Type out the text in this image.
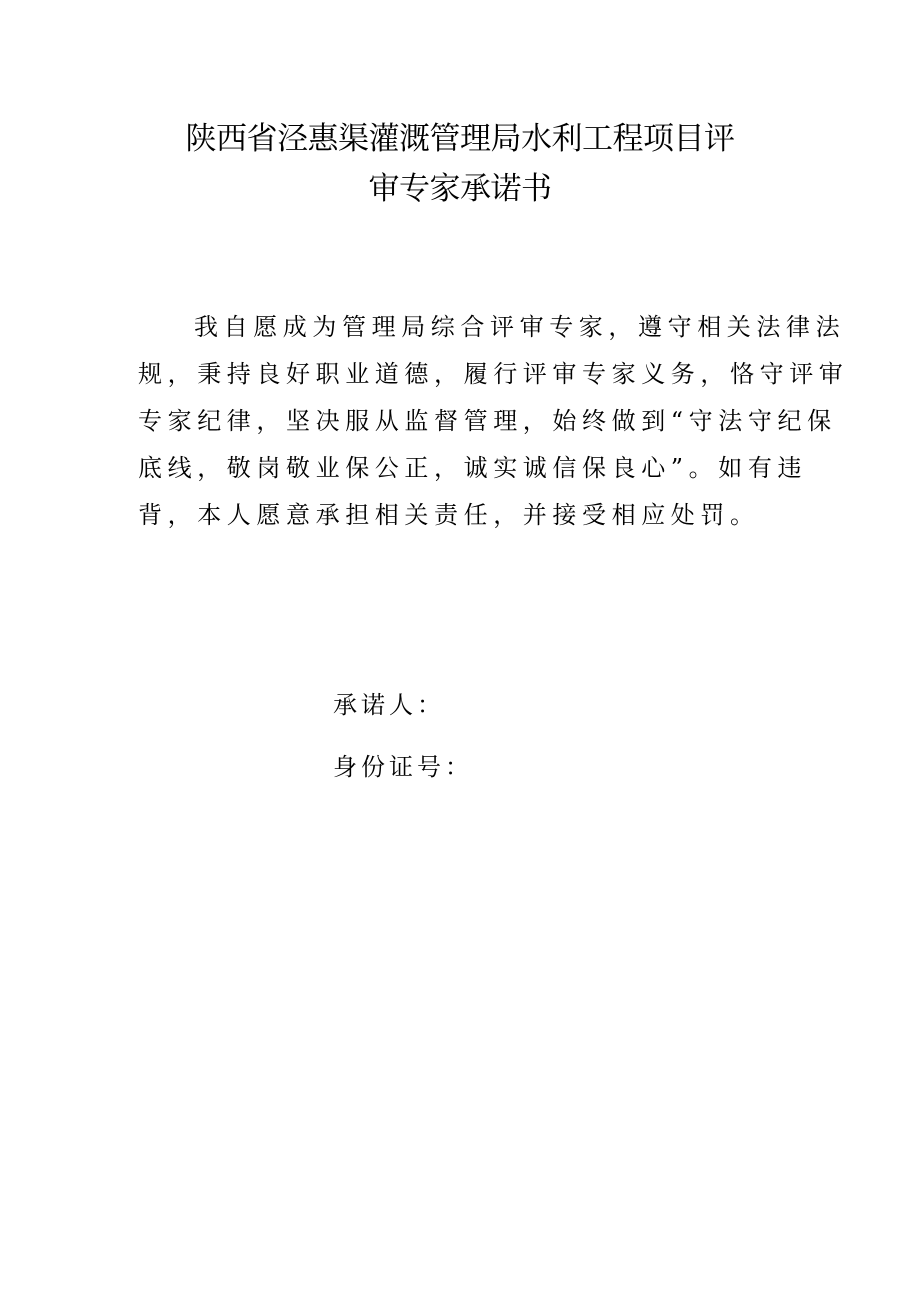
陕西省泾惠渠灌溉管理局水利工程项目评
审专家承诺书
我自愿成为管理局综合评审专家，遵守相关法律法
规，秉持良好职业道德，履行评审专家义务，恪守评审
专家纪律，坚决服从监督管理，始终做到“守法守纪保
底线，敬岗敬业保公正，诚实诚信保良心”。如有违
背，本人愿意承担相关责任，并接受相应处罚。
承诺人：
身份证号：
